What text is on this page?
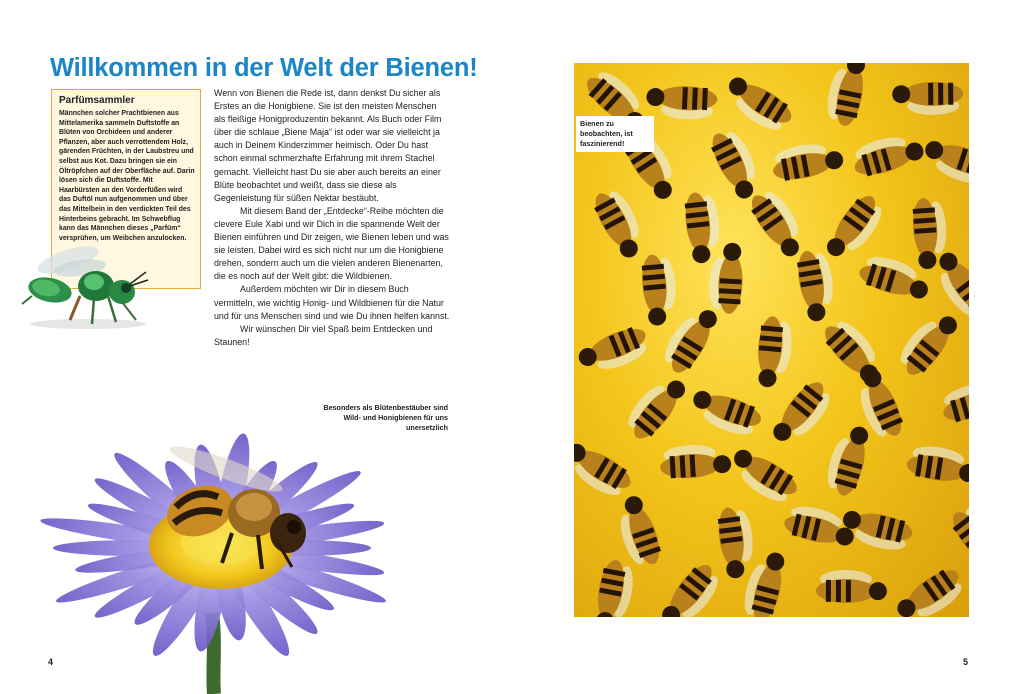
Willkommen in der Welt der Bienen!
Parfümsammler

Männchen solcher Prachtbienen aus Mittelamerika sammeln Duftstoffe an Blüten von Orchideen und anderer Pflanzen, aber auch verrottendem Holz, gärenden Früchten, in der Laubstreu und selbst aus Kot. Dazu bringen sie ein Öltröpfchen auf der Oberfläche auf. Darin lösen sich die Duftstoffe. Mit Haarbürsten an den Vorderfüßen wird das Duftöl nun aufgenommen und über das Mittelbein in den verdickten Teil des Hinterbeins gebracht. Im Schwebflug kann das Männchen dieses „Parfüm“ versprühen, um Weibchen anzulocken.

Wenn von Bienen die Rede ist, dann denkst Du sicher als Erstes an die Honigbiene. Sie ist den meisten Menschen als fleißige Honigproduzentin bekannt. Als Buch oder Film über die schlaue „Biene Maja“ ist oder war sie vielleicht ja auch in Deinem Kinderzimmer heimisch. Oder Du hast schon einmal schmerzhafte Erfahrung mit ihrem Stachel gemacht. Vielleicht hast Du sie aber auch bereits an einer Blüte beobachtet und weißt, dass sie diese als Gegenleistung für süßen Nektar bestäubt.

Mit diesem Band der „Entdecke“-Reihe möchten die clevere Eule Xabi und wir Dich in die spannende Welt der Bienen einführen und Dir zeigen, wie Bienen leben und was sie leisten. Dabei wird es sich nicht nur um die Honigbiene drehen, sondern auch um die vielen anderen Bienenarten, die es noch auf der Welt gibt: die Wildbienen.

Außerdem möchten wir Dir in diesem Buch vermitteln, wie wichtig Honig- und Wildbienen für die Natur und für uns Menschen sind und wie Du ihnen helfen kannst.

Wir wünschen Dir viel Spaß beim Entdecken und Staunen!

Besonders als Blütenbestäuber sind Wild- und Honigbienen für uns unersetzlich
4
Bienen zu beobachten, ist faszinierend!
5
